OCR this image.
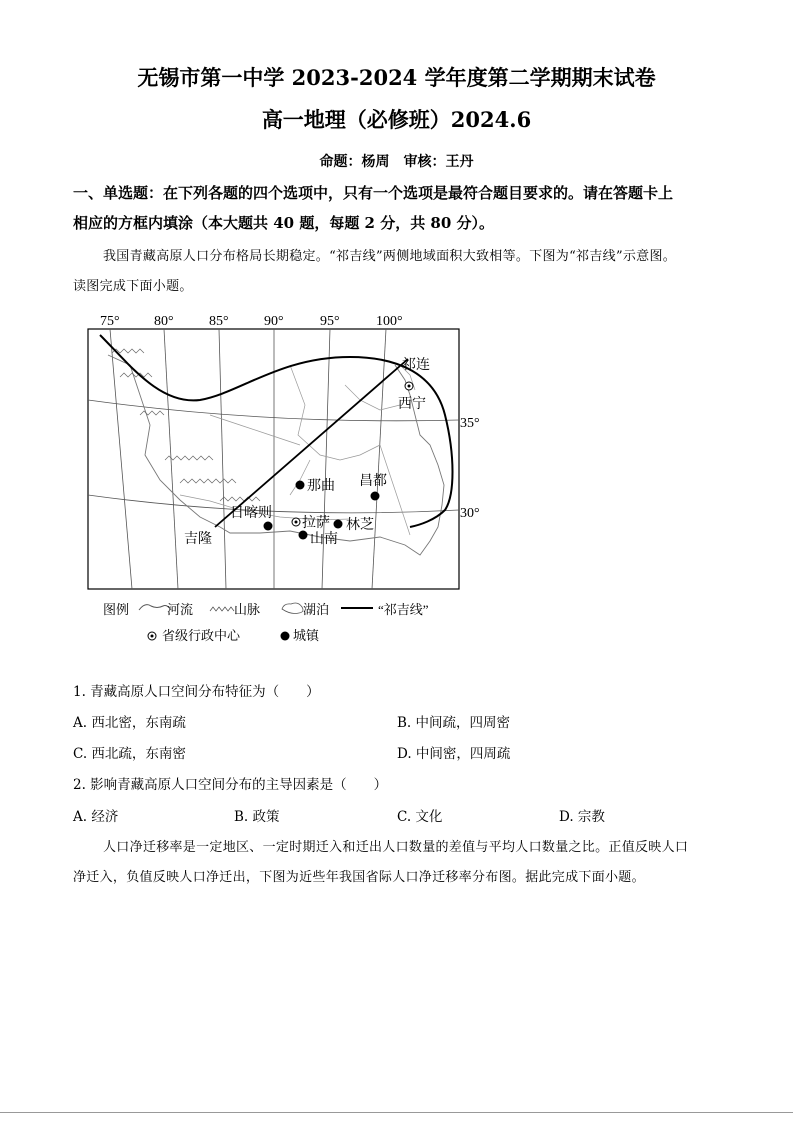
无锡市第一中学 2023-2024 学年度第二学期期末试卷
高一地理（必修班）2024.6
命题：杨周　审核：王丹
一、单选题：在下列各题的四个选项中，只有一个选项是最符合题目要求的。请在答题卡上
相应的方框内填涂（本大题共 40 题，每题 2 分，共 80 分）。
我国青藏高原人口分布格局长期稳定。“祁吉线”两侧地域面积大致相等。下图为“祁吉线”示意图。
读图完成下面小题。
75° 80°	85°	90°	95°	100°
35°
30°
祁连
西宁
那曲 昌都
日喀则
拉萨 林芝
山南
吉隆
图例	河流	山脉	湖泊	“祁吉线”
省级行政中心	城镇
1. 青藏高原人口空间分布特征为（　　）
A. 西北密，东南疏	B. 中间疏，四周密
C. 西北疏，东南密	D. 中间密，四周疏
2. 影响青藏高原人口空间分布的主导因素是（　　）
A. 经济	B. 政策	C. 文化	D. 宗教
人口净迁移率是一定地区、一定时期迁入和迁出人口数量的差值与平均人口数量之比。正值反映人口
净迁入，负值反映人口净迁出，下图为近些年我国省际人口净迁移率分布图。据此完成下面小题。
